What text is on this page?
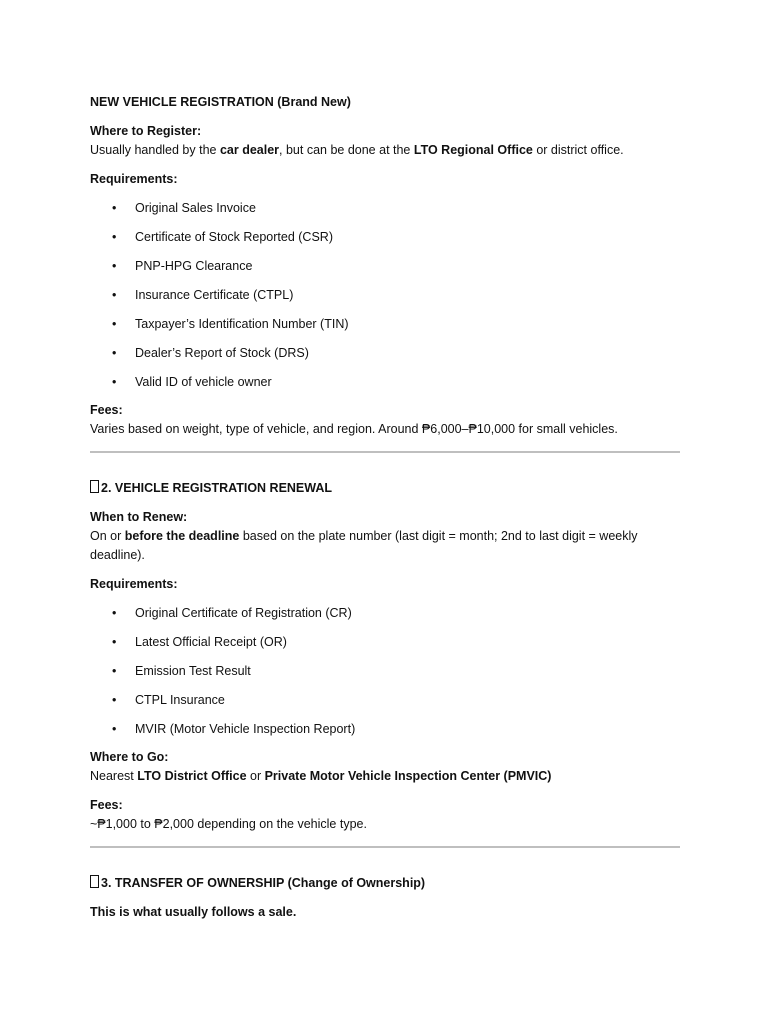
NEW VEHICLE REGISTRATION (Brand New)

Where to Register:

Usually handled by the car dealer, but can be done at the LTO Regional Office or district office.

Requirements:

• Original Sales Invoice
• Certificate of Stock Reported (CSR)
• PNP-HPG Clearance
• Insurance Certificate (CTPL)
• Taxpayer’s Identification Number (TIN)
• Dealer’s Report of Stock (DRS)
• Valid ID of vehicle owner

Fees:

Varies based on weight, type of vehicle, and region. Around ₱6,000–₱10,000 for small vehicles.

2. VEHICLE REGISTRATION RENEWAL

When to Renew:

On or before the deadline based on the plate number (last digit = month; 2nd to last digit = weekly deadline).

Requirements:

• Original Certificate of Registration (CR)
• Latest Official Receipt (OR)
• Emission Test Result
• CTPL Insurance
• MVIR (Motor Vehicle Inspection Report)

Where to Go:

Nearest LTO District Office or Private Motor Vehicle Inspection Center (PMVIC)

Fees:

~₱1,000 to ₱2,000 depending on the vehicle type.

3. TRANSFER OF OWNERSHIP (Change of Ownership)

This is what usually follows a sale.
